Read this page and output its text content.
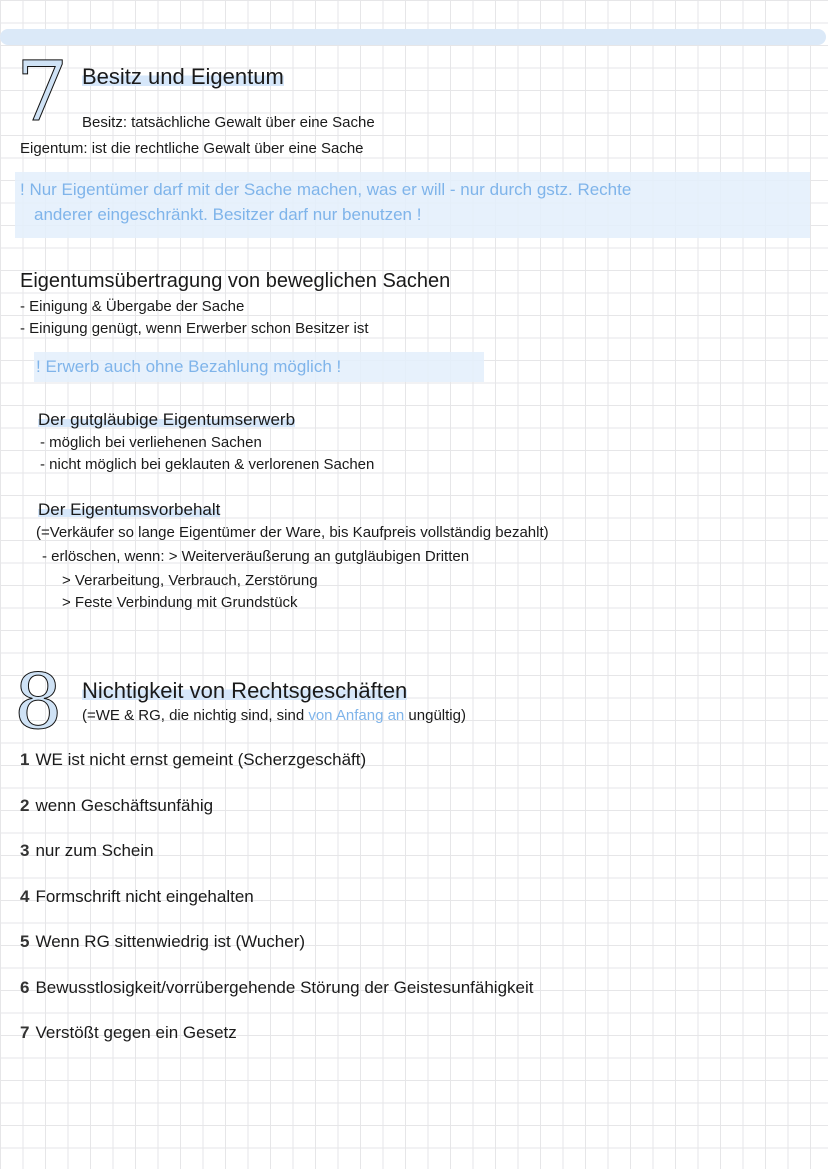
7 Besitz und Eigentum
Besitz: tatsächliche Gewalt über eine Sache
Eigentum: ist die rechtliche Gewalt über eine Sache
! Nur Eigentümer darf mit der Sache machen, was er will - nur durch gstz. Rechte
anderer eingeschränkt. Besitzer darf nur benutzen !
Eigentumsübertragung von beweglichen Sachen
- Einigung & Übergabe der Sache
- Einigung genügt, wenn Erwerber schon Besitzer ist
! Erwerb auch ohne Bezahlung möglich !
Der gutgläubige Eigentumserwerb
- möglich bei verliehenen Sachen
- nicht möglich bei geklauten & verlorenen Sachen
Der Eigentumsvorbehalt
(=Verkäufer so lange Eigentümer der Ware, bis Kaufpreis vollständig bezahlt)
- erlöschen, wenn: > Weiterveräußerung an gutgläubigen Dritten
> Verarbeitung, Verbrauch, Zerstörung
> Feste Verbindung mit Grundstück
8 Nichtigkeit von Rechtsgeschäften
(=WE & RG, die nichtig sind, sind von Anfang an ungültig)
1 WE ist nicht ernst gemeint (Scherzgeschäft)
2 wenn Geschäftsunfähig
3 nur zum Schein
4 Formschrift nicht eingehalten
5 Wenn RG sittenwiedrig ist (Wucher)
6 Bewusstlosigkeit/vorrübergehende Störung der Geistesunfähigkeit
7 Verstößt gegen ein Gesetz
